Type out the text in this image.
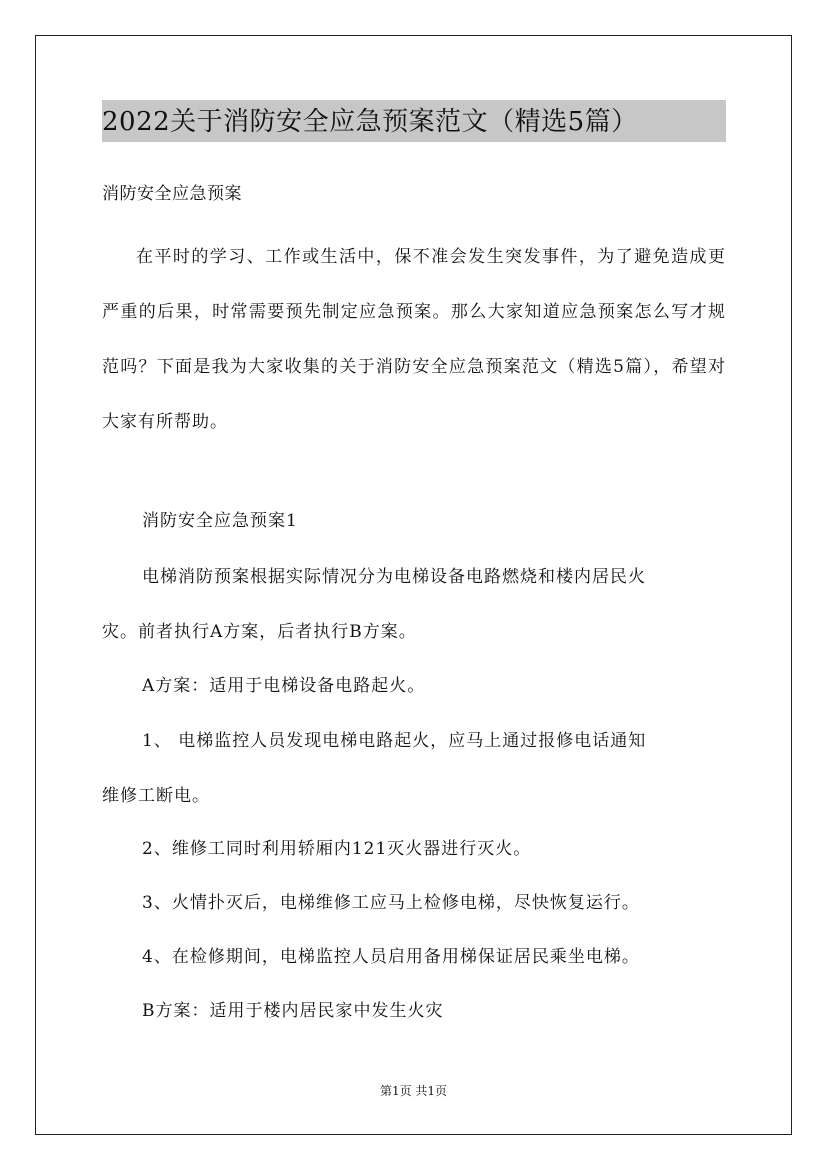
2022关于消防安全应急预案范文（精选5篇）

消防安全应急预案

在平时的学习、工作或生活中，保不准会发生突发事件，为了避免造成更严重的后果，时常需要预先制定应急预案。那么大家知道应急预案怎么写才规范吗？下面是我为大家收集的关于消防安全应急预案范文（精选5篇），希望对大家有所帮助。

消防安全应急预案1

电梯消防预案根据实际情况分为电梯设备电路燃烧和楼内居民火

灾。前者执行A方案，后者执行B方案。

A方案：适用于电梯设备电路起火。

1、 电梯监控人员发现电梯电路起火，应马上通过报修电话通知

维修工断电。

2、维修工同时利用轿厢内121灭火器进行灭火。

3、火情扑灭后，电梯维修工应马上检修电梯，尽快恢复运行。

4、在检修期间，电梯监控人员启用备用梯保证居民乘坐电梯。

B方案：适用于楼内居民家中发生火灾

第1页 共1页
